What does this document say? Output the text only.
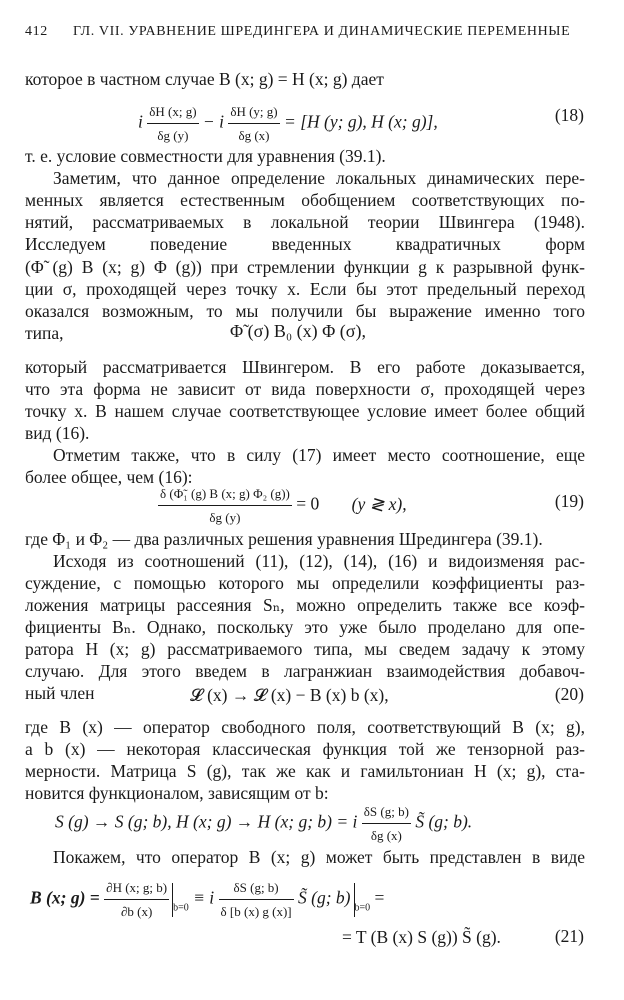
412 ГЛ. VII. УРАВНЕНИЕ ШРЕДИНГЕРА И ДИНАМИЧЕСКИЕ ПЕРЕМЕННЫЕ
которое в частном случае B (x; g) = H (x; g) дает
i $\frac{\delta H (x; g)}{\delta g (y)} - i \frac{\delta H (y; g)}{\delta g (x)} = [H$ (y; g), H (x; g)],	(18)
т. е. условие совместности для уравнения (39.1).
Заметим, что данное определение локальных динамических пере-
менных является естественным обобщением соответствующих по-
нятий, рассматриваемых в локальной теории Швингера (1948).
Исследуем поведение введенных квадратичных форм
(Φ̃ (g) B (x; g) Φ (g)) при стремлении функции g к разрывной функ-
ции σ, проходящей через точку x. Если бы этот предельный переход
оказался возможным, то мы получили бы выражение именно того
типа,	Φ̃ (σ) B₀ (x) Φ (σ),
который рассматривается Швингером. В его работе доказывается,
что эта форма не зависит от вида поверхности σ, проходящей через
точку x. В нашем случае соответствующее условие имеет более общий
вид (16).
Отметим также, что в силу (17) имеет место соотношение, еще
более общее, чем (16):
$\frac{\text{δ (Φ̃₁ (g) B (x; g) Φ₂ (g))}}{\delta g (y)} = 0$ (y ≷ x),	(19)
где Φ₁ и Φ₂ — два различных решения уравнения Шредингера (39.1).
Исходя из соотношений (11), (12), (14), (16) и видоизменяя рас-
суждение, с помощью которого мы определили коэффициенты раз-
ложения матрицы рассеяния Sₙ, можно определить также все коэф-
фициенты Bₙ. Однако, поскольку это уже было проделано для опе-
ратора H (x; g) рассматриваемого типа, мы сведем задачу к этому
случаю. Для этого введем в лагранжиан взаимодействия добавоч-
ный член	𝓛 (x) → 𝓛 (x) − B (x) b (x),	(20)
где B (x) — оператор свободного поля, соответствующий B (x; g),
а b (x) — некоторая классическая функция той же тензорной раз-
мерности. Матрица S (g), так же как и гамильтониан H (x; g), ста-
новится функционалом, зависящим от b:
S (g) → S (g; b), H (x; g) → H (x; g; b) = i $\frac{\delta S (g; b)}{\delta g (x)}$ S̃ (g; b).
Покажем, что оператор B (x; g) может быть представлен в виде
B (x; $g) = \frac{\partial H (x; g; b)}{\partial b (x)} _{b=0} \equiv i \frac{\delta S (g; b)}{\delta [b (x) g (x)]}$ S̃ (g; $b)_{b=0}$ =
= T (B (x) S (g)) S̃ (g).	(21)
